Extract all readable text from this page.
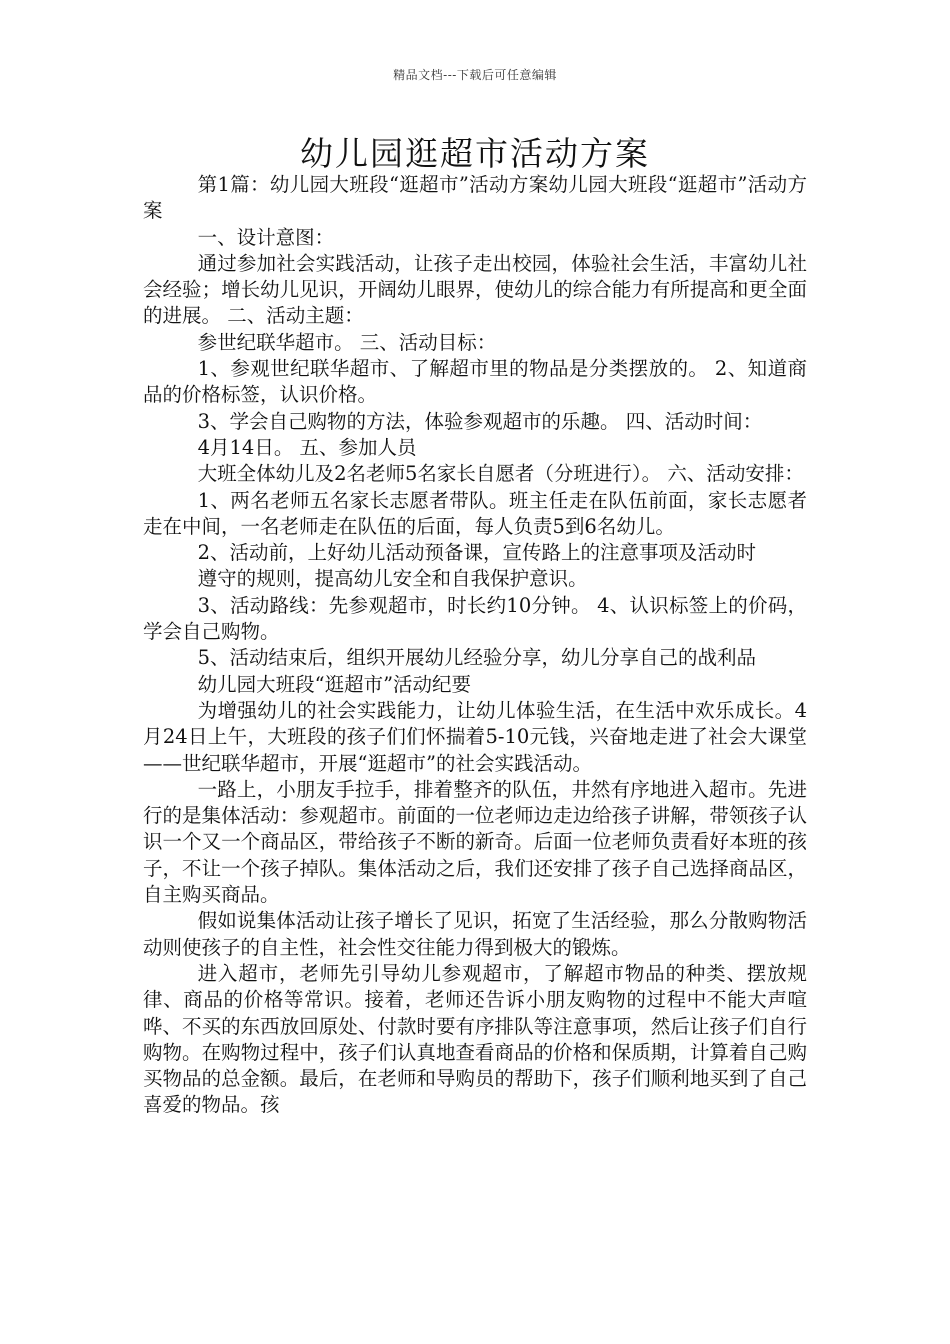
精品文档---下载后可任意编辑
幼儿园逛超市活动方案

第1篇：幼儿园大班段“逛超市”活动方案幼儿园大班段“逛超市”活动方案

一、设计意图：

通过参加社会实践活动，让孩子走出校园，体验社会生活，丰富幼儿社会经验；增长幼儿见识，开阔幼儿眼界，使幼儿的综合能力有所提高和更全面的进展。 二、活动主题：

参世纪联华超市。 三、活动目标：

1、参观世纪联华超市、了解超市里的物品是分类摆放的。 2、知道商品的价格标签，认识价格。

3、学会自己购物的方法，体验参观超市的乐趣。 四、活动时间：

4月14日。 五、参加人员

大班全体幼儿及2名老师5名家长自愿者（分班进行）。 六、活动安排：

1、两名老师五名家长志愿者带队。班主任走在队伍前面，家长志愿者走在中间，一名老师走在队伍的后面，每人负责5到6名幼儿。

2、活动前，上好幼儿活动预备课，宣传路上的注意事项及活动时

遵守的规则，提高幼儿安全和自我保护意识。

3、活动路线：先参观超市，时长约10分钟。 4、认识标签上的价码，学会自己购物。

5、活动结束后，组织开展幼儿经验分享，幼儿分享自己的战利品

幼儿园大班段“逛超市”活动纪要

为增强幼儿的社会实践能力，让幼儿体验生活，在生活中欢乐成长。4月24日上午，大班段的孩子们们怀揣着5-10元钱，兴奋地走进了社会大课堂——世纪联华超市，开展“逛超市”的社会实践活动。

一路上，小朋友手拉手，排着整齐的队伍，井然有序地进入超市。先进行的是集体活动：参观超市。前面的一位老师边走边给孩子讲解，带领孩子认识一个又一个商品区，带给孩子不断的新奇。后面一位老师负责看好本班的孩子，不让一个孩子掉队。集体活动之后，我们还安排了孩子自己选择商品区，自主购买商品。

假如说集体活动让孩子增长了见识，拓宽了生活经验，那么分散购物活动则使孩子的自主性，社会性交往能力得到极大的锻炼。

进入超市，老师先引导幼儿参观超市，了解超市物品的种类、摆放规律、商品的价格等常识。接着，老师还告诉小朋友购物的过程中不能大声喧哗、不买的东西放回原处、付款时要有序排队等注意事项，然后让孩子们自行购物。在购物过程中，孩子们认真地查看商品的价格和保质期，计算着自己购买物品的总金额。最后，在老师和导购员的帮助下，孩子们顺利地买到了自己喜爱的物品。孩
